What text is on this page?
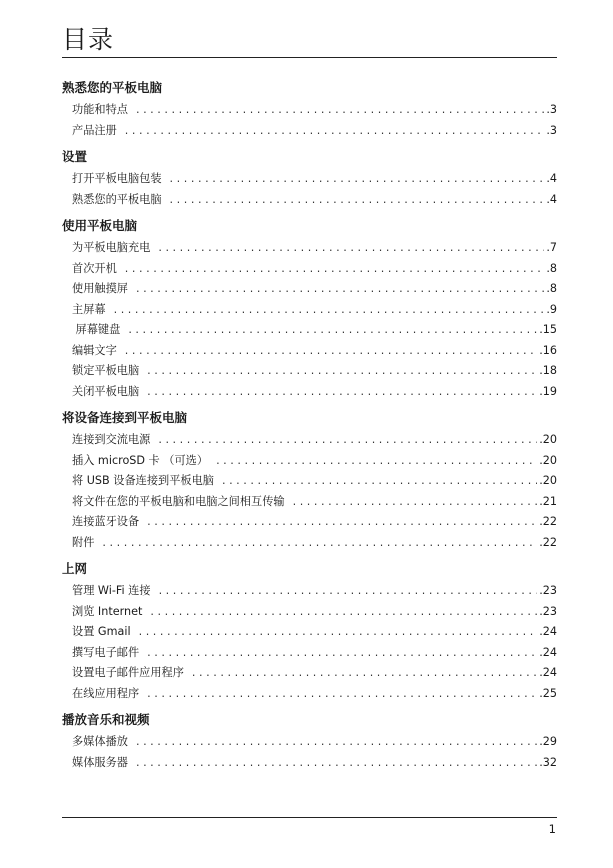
目录
熟悉您的平板电脑
功能和特点 . . .	.3
产品注册 . . .	.3
设置
打开平板电脑包装 . . .	.4
熟悉您的平板电脑 . . .	.4
使用平板电脑
为平板电脑充电 . . .	.7
首次开机 . . .	.8
使用触摸屏 . . .	.8
主屏幕 . . .	.9
屏幕键盘 . . .	.15
编辑文字 . . .	.16
锁定平板电脑 . . .	.18
关闭平板电脑 . . .	.19
将设备连接到平板电脑
连接到交流电源 . . .	.20
插入 microSD 卡 （可选） . . .	.20
将 USB 设备连接到平板电脑 . . .	.20
将文件在您的平板电脑和电脑之间相互传输 . . .	.21
连接蓝牙设备 . . .	.22
附件 . . .	.22
上网
管理 Wi-Fi 连接 . . .	.23
浏览 Internet . . .	.23
设置 Gmail . . .	.24
撰写电子邮件 . . .	.24
设置电子邮件应用程序 . . .	.24
在线应用程序 . . .	.25
播放音乐和视频
多媒体播放 . . .	.29
媒体服务器 . . .	.32
1
